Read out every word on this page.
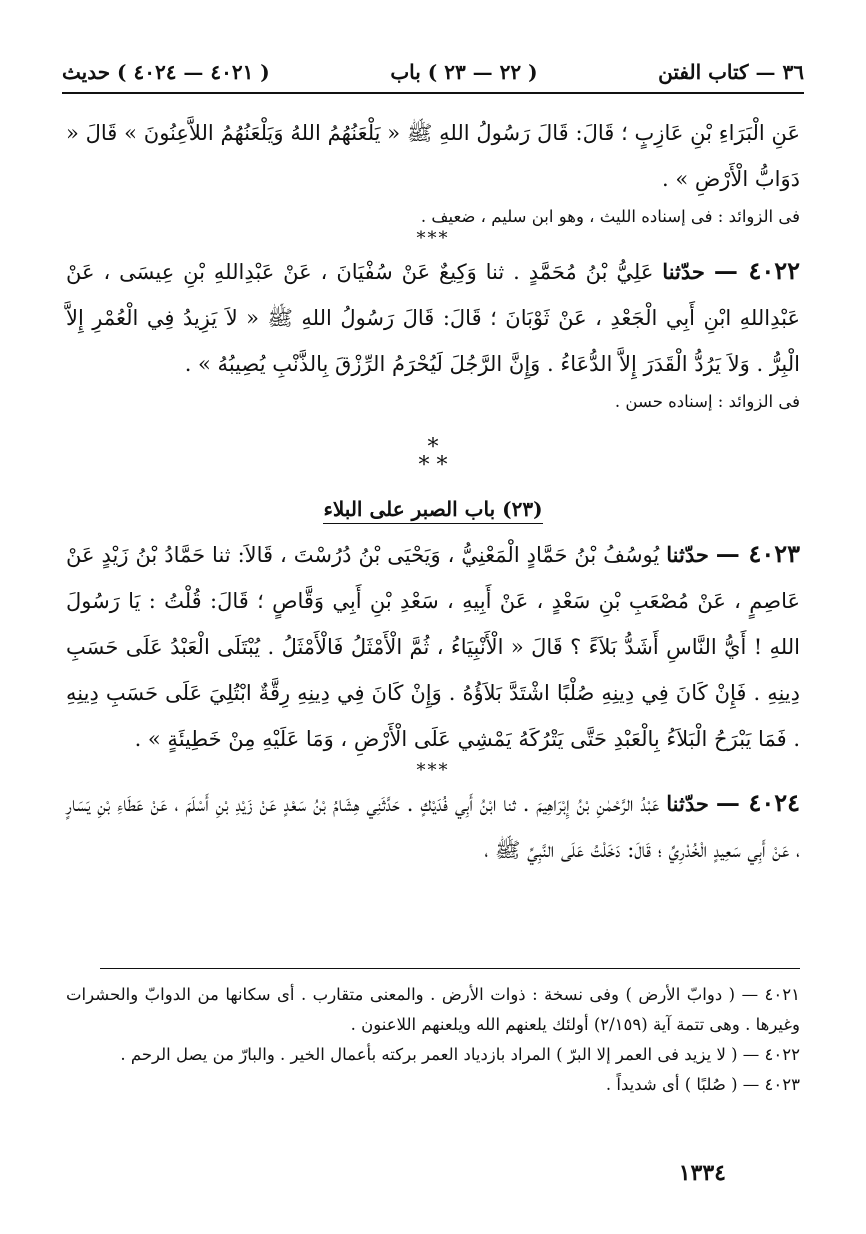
٣٦ — كتاب الفتن
( ٢٢ — ٢٣ ) باب
( ٤٠٢١ — ٤٠٢٤ ) حديث

عَنِ الْبَرَاءِ بْنِ عَازِبٍ ؛ قَالَ: قَالَ رَسُولُ اللهِ ﷺ « يَلْعَنُهُمُ اللهُ وَيَلْعَنُهُمُ اللاَّعِنُونَ » قَالَ « دَوَابُّ الْأَرْضِ » .

فى الزوائد : فى إسناده الليث ، وهو ابن سليم ، ضعيف .

***

٤٠٢٢ — حدّثنا عَلِيُّ بْنُ مُحَمَّدٍ . ثنا وَكِيعٌ عَنْ سُفْيَانَ ، عَنْ عَبْدِاللهِ بْنِ عِيسَى ، عَنْ عَبْدِاللهِ ابْنِ أَبِي الْجَعْدِ ، عَنْ ثَوْبَانَ ؛ قَالَ: قَالَ رَسُولُ اللهِ ﷺ « لاَ يَزِيدُ فِي الْعُمْرِ إِلاَّ الْبِرُّ . وَلاَ يَرُدُّ الْقَدَرَ إِلاَّ الدُّعَاءُ . وَإِنَّ الرَّجُلَ لَيُحْرَمُ الرِّزْقَ بِالذَّنْبِ يُصِيبُهُ » .

فى الزوائد : إسناده حسن .

*
* *

(٢٣) باب الصبر على البلاء

٤٠٢٣ — حدّثنا يُوسُفُ بْنُ حَمَّادٍ الْمَعْنِيُّ ، وَيَحْيَى بْنُ دُرُسْتَ ، قَالاَ: ثنا حَمَّادُ بْنُ زَيْدٍ عَنْ عَاصِمٍ ، عَنْ مُصْعَبِ بْنِ سَعْدٍ ، عَنْ أَبِيهِ ، سَعْدِ بْنِ أَبِي وَقَّاصٍ ؛ قَالَ: قُلْتُ : يَا رَسُولَ اللهِ ! أَيُّ النَّاسِ أَشَدُّ بَلاَءً ؟ قَالَ « الْأَنْبِيَاءُ ، ثُمَّ الْأَمْثَلُ فَالْأَمْثَلُ . يُبْتَلَى الْعَبْدُ عَلَى حَسَبِ دِينِهِ . فَإِنْ كَانَ فِي دِينِهِ صُلْبًا اشْتَدَّ بَلاَؤُهُ . وَإِنْ كَانَ فِي دِينِهِ رِقَّةٌ ابْتُلِيَ عَلَى حَسَبِ دِينِهِ . فَمَا يَبْرَحُ الْبَلاَءُ بِالْعَبْدِ حَتَّى يَتْرُكَهُ يَمْشِي عَلَى الْأَرْضِ ، وَمَا عَلَيْهِ مِنْ خَطِيئَةٍ » .

***

٤٠٢٤ — حدّثنا عَبْدُ الرَّحْمٰنِ بْنُ إِبْرَاهِيمَ . ثنا ابْنُ أَبِي فُدَيْكٍ . حَدَّثَنِي هِشَامُ بْنُ سَعْدٍ عَنْ زَيْدِ بْنِ أَسْلَمَ ، عَنْ عَطَاءِ بْنِ يَسَارٍ ، عَنْ أَبِي سَعِيدٍ الْخُدْرِيِّ ؛ قَالَ: دَخَلْتُ عَلَى النَّبِيِّ ﷺ ،

٤٠٢١ — ( دوابّ الأرض ) وفى نسخة : ذوات الأرض . والمعنى متقارب . أى سكانها من الدوابّ والحشرات وغيرها . وهى تتمة آية (٢/١٥٩) أولئك يلعنهم الله ويلعنهم اللاعنون .

٤٠٢٢ — ( لا يزيد فى العمر إلا البرّ ) المراد بازدياد العمر بركته بأعمال الخير . والبارّ من يصل الرحم .

٤٠٢٣ — ( صُلبًا ) أى شديداً .

١٣٣٤
